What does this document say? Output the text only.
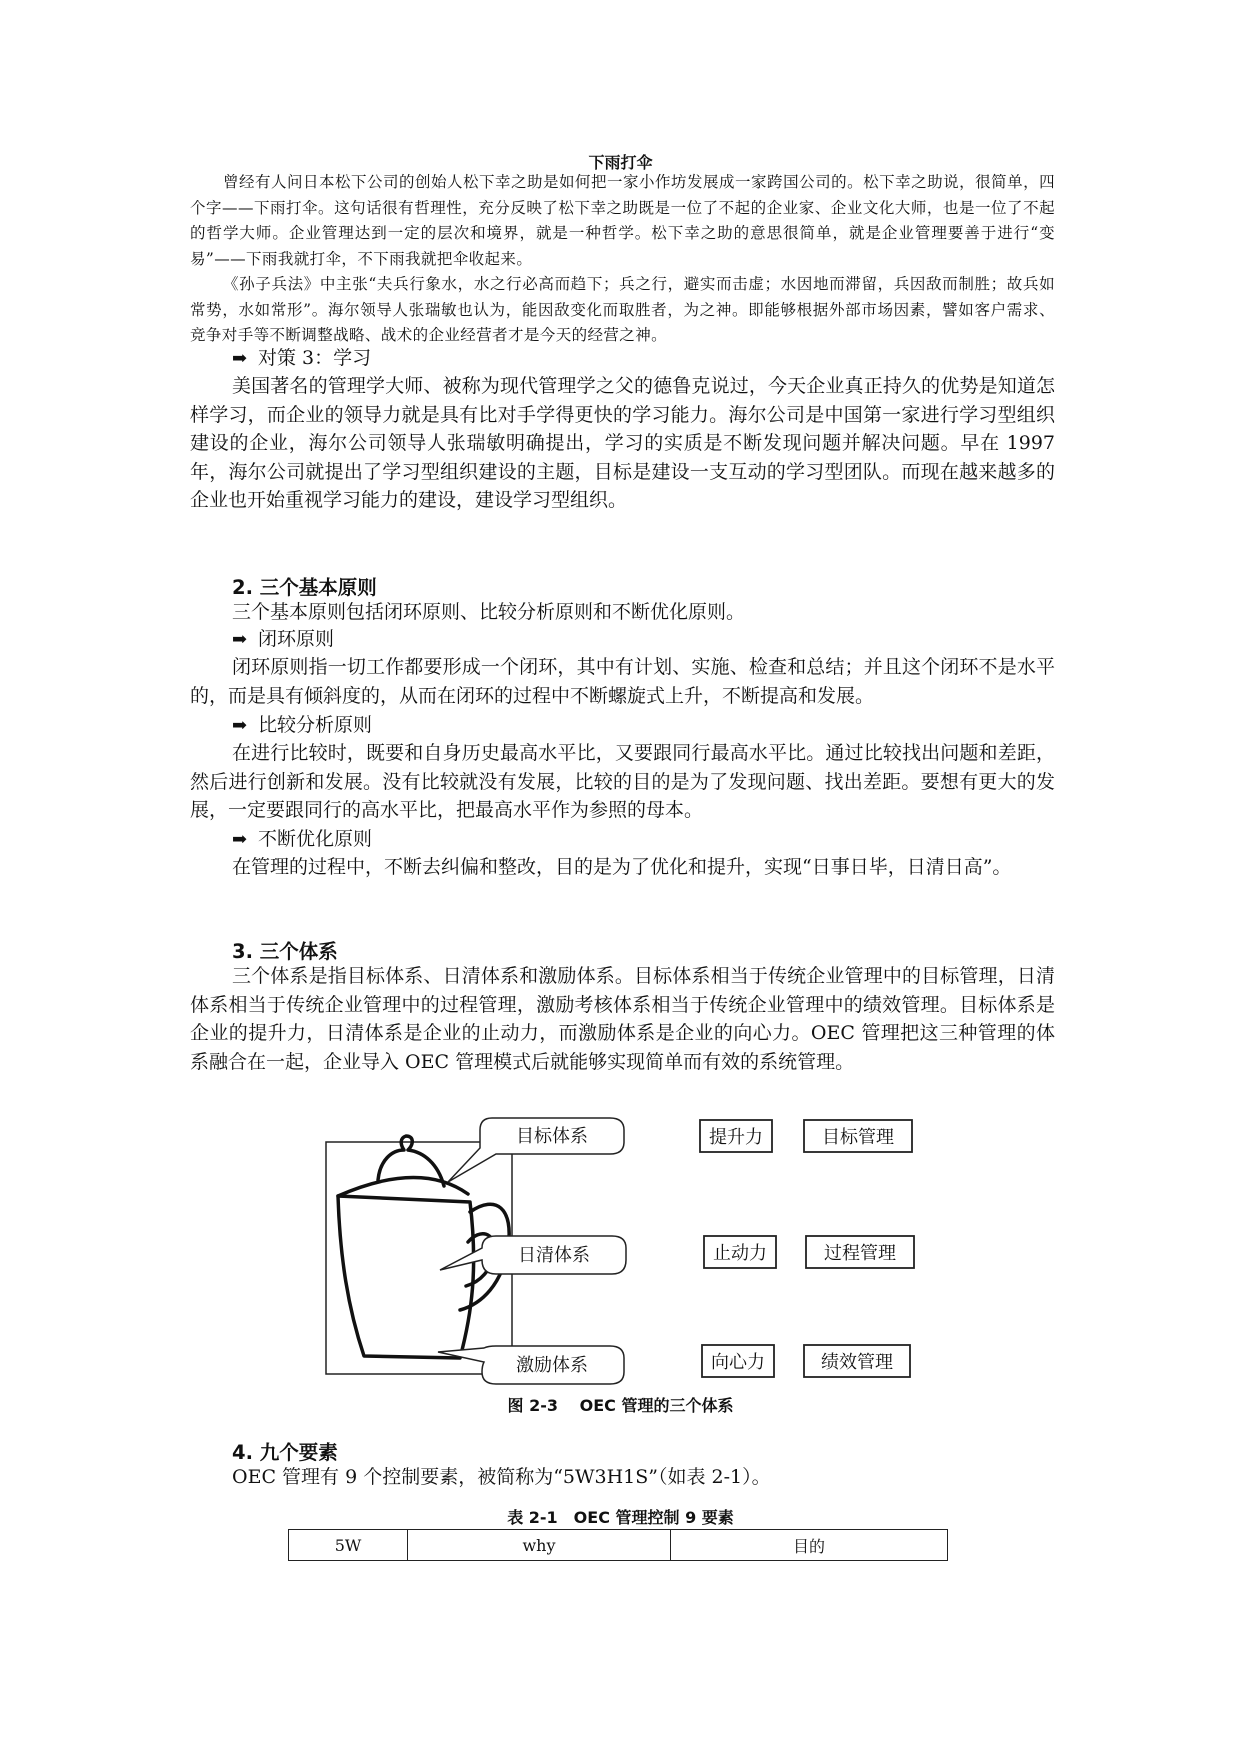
下雨打伞
曾经有人问日本松下公司的创始人松下幸之助是如何把一家小作坊发展成一家跨国公司的。松下幸之助说，很简单，四个字——下雨打伞。这句话很有哲理性，充分反映了松下幸之助既是一位了不起的企业家、企业文化大师，也是一位了不起的哲学大师。企业管理达到一定的层次和境界，就是一种哲学。松下幸之助的意思很简单，就是企业管理要善于进行“变易”——下雨我就打伞，不下雨我就把伞收起来。
《孙子兵法》中主张“夫兵行象水，水之行必高而趋下；兵之行，避实而击虚；水因地而滞留，兵因敌而制胜；故兵如常势，水如常形”。海尔领导人张瑞敏也认为，能因敌变化而取胜者，为之神。即能够根据外部市场因素，譬如客户需求、竞争对手等不断调整战略、战术的企业经营者才是今天的经营之神。
➡ 对策 3：学习
美国著名的管理学大师、被称为现代管理学之父的德鲁克说过，今天企业真正持久的优势是知道怎样学习，而企业的领导力就是具有比对手学得更快的学习能力。海尔公司是中国第一家进行学习型组织建设的企业，海尔公司领导人张瑞敏明确提出，学习的实质是不断发现问题并解决问题。早在 1997 年，海尔公司就提出了学习型组织建设的主题，目标是建设一支互动的学习型团队。而现在越来越多的企业也开始重视学习能力的建设，建设学习型组织。
2. 三个基本原则
三个基本原则包括闭环原则、比较分析原则和不断优化原则。
➡ 闭环原则
闭环原则指一切工作都要形成一个闭环，其中有计划、实施、检查和总结；并且这个闭环不是水平的，而是具有倾斜度的，从而在闭环的过程中不断螺旋式上升，不断提高和发展。
➡ 比较分析原则
在进行比较时，既要和自身历史最高水平比，又要跟同行最高水平比。通过比较找出问题和差距，然后进行创新和发展。没有比较就没有发展，比较的目的是为了发现问题、找出差距。要想有更大的发展，一定要跟同行的高水平比，把最高水平作为参照的母本。
➡ 不断优化原则
在管理的过程中，不断去纠偏和整改，目的是为了优化和提升，实现“日事日毕，日清日高”。
3. 三个体系
三个体系是指目标体系、日清体系和激励体系。目标体系相当于传统企业管理中的目标管理，日清体系相当于传统企业管理中的过程管理，激励考核体系相当于传统企业管理中的绩效管理。目标体系是企业的提升力，日清体系是企业的止动力，而激励体系是企业的向心力。OEC 管理把这三种管理的体系融合在一起，企业导入 OEC 管理模式后就能够实现简单而有效的系统管理。
目标体系
日清体系
激励体系
提升力
止动力
向心力
目标管理
过程管理
绩效管理
图 2-3　 OEC 管理的三个体系
4. 九个要素
OEC 管理有 9 个控制要素，被简称为“5W3H1S”（如表 2-1）。
表 2-1　OEC 管理控制 9 要素
5W	why	目的
